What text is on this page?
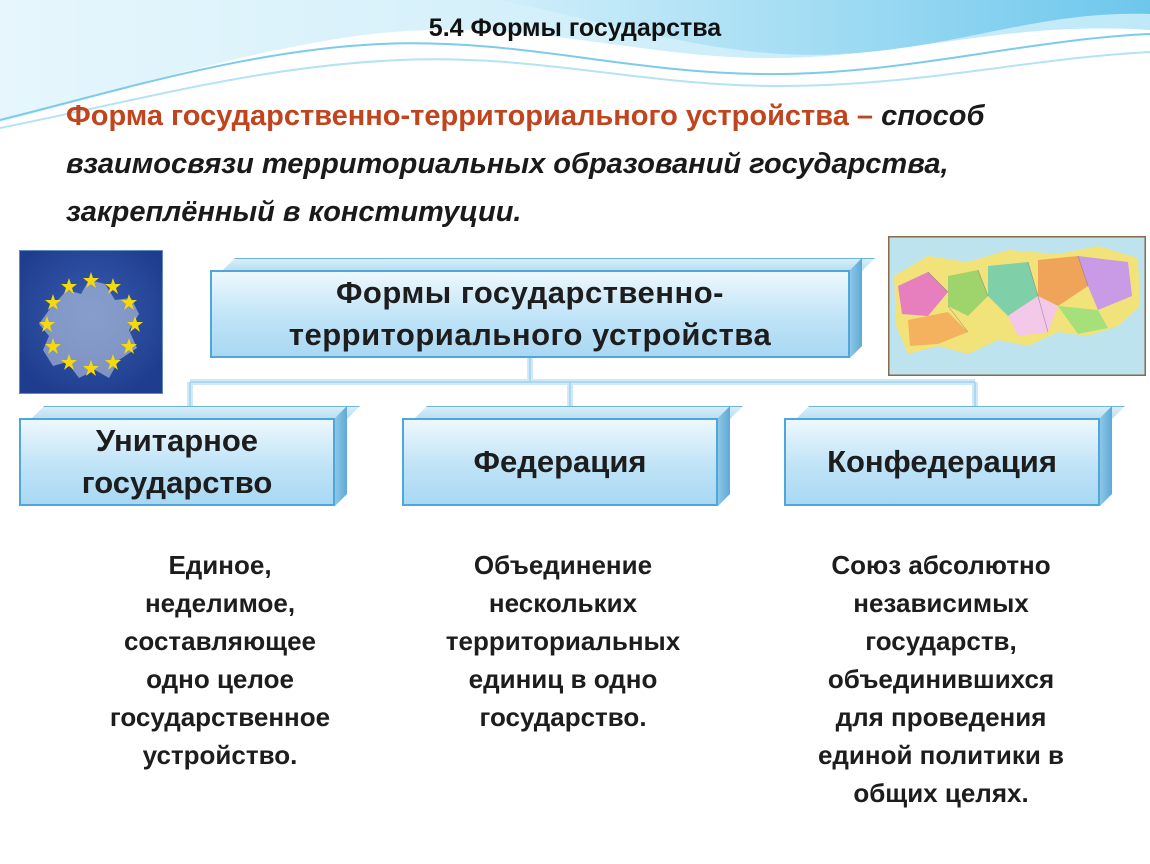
5.4 Формы государства
Форма государственно-территориального устройства – способ взаимосвязи территориальных образований государства, закреплённый в конституции.
Формы государственно-
территориального устройства
Унитарное
государство
Федерация	Конфедерация
Единое,
неделимое,
составляющее
одно целое
государственное
устройство.
Объединение
нескольких
территориальных
единиц в одно
государство.
Союз абсолютно
независимых
государств,
объединившихся
для проведения
единой политики в
общих целях.
